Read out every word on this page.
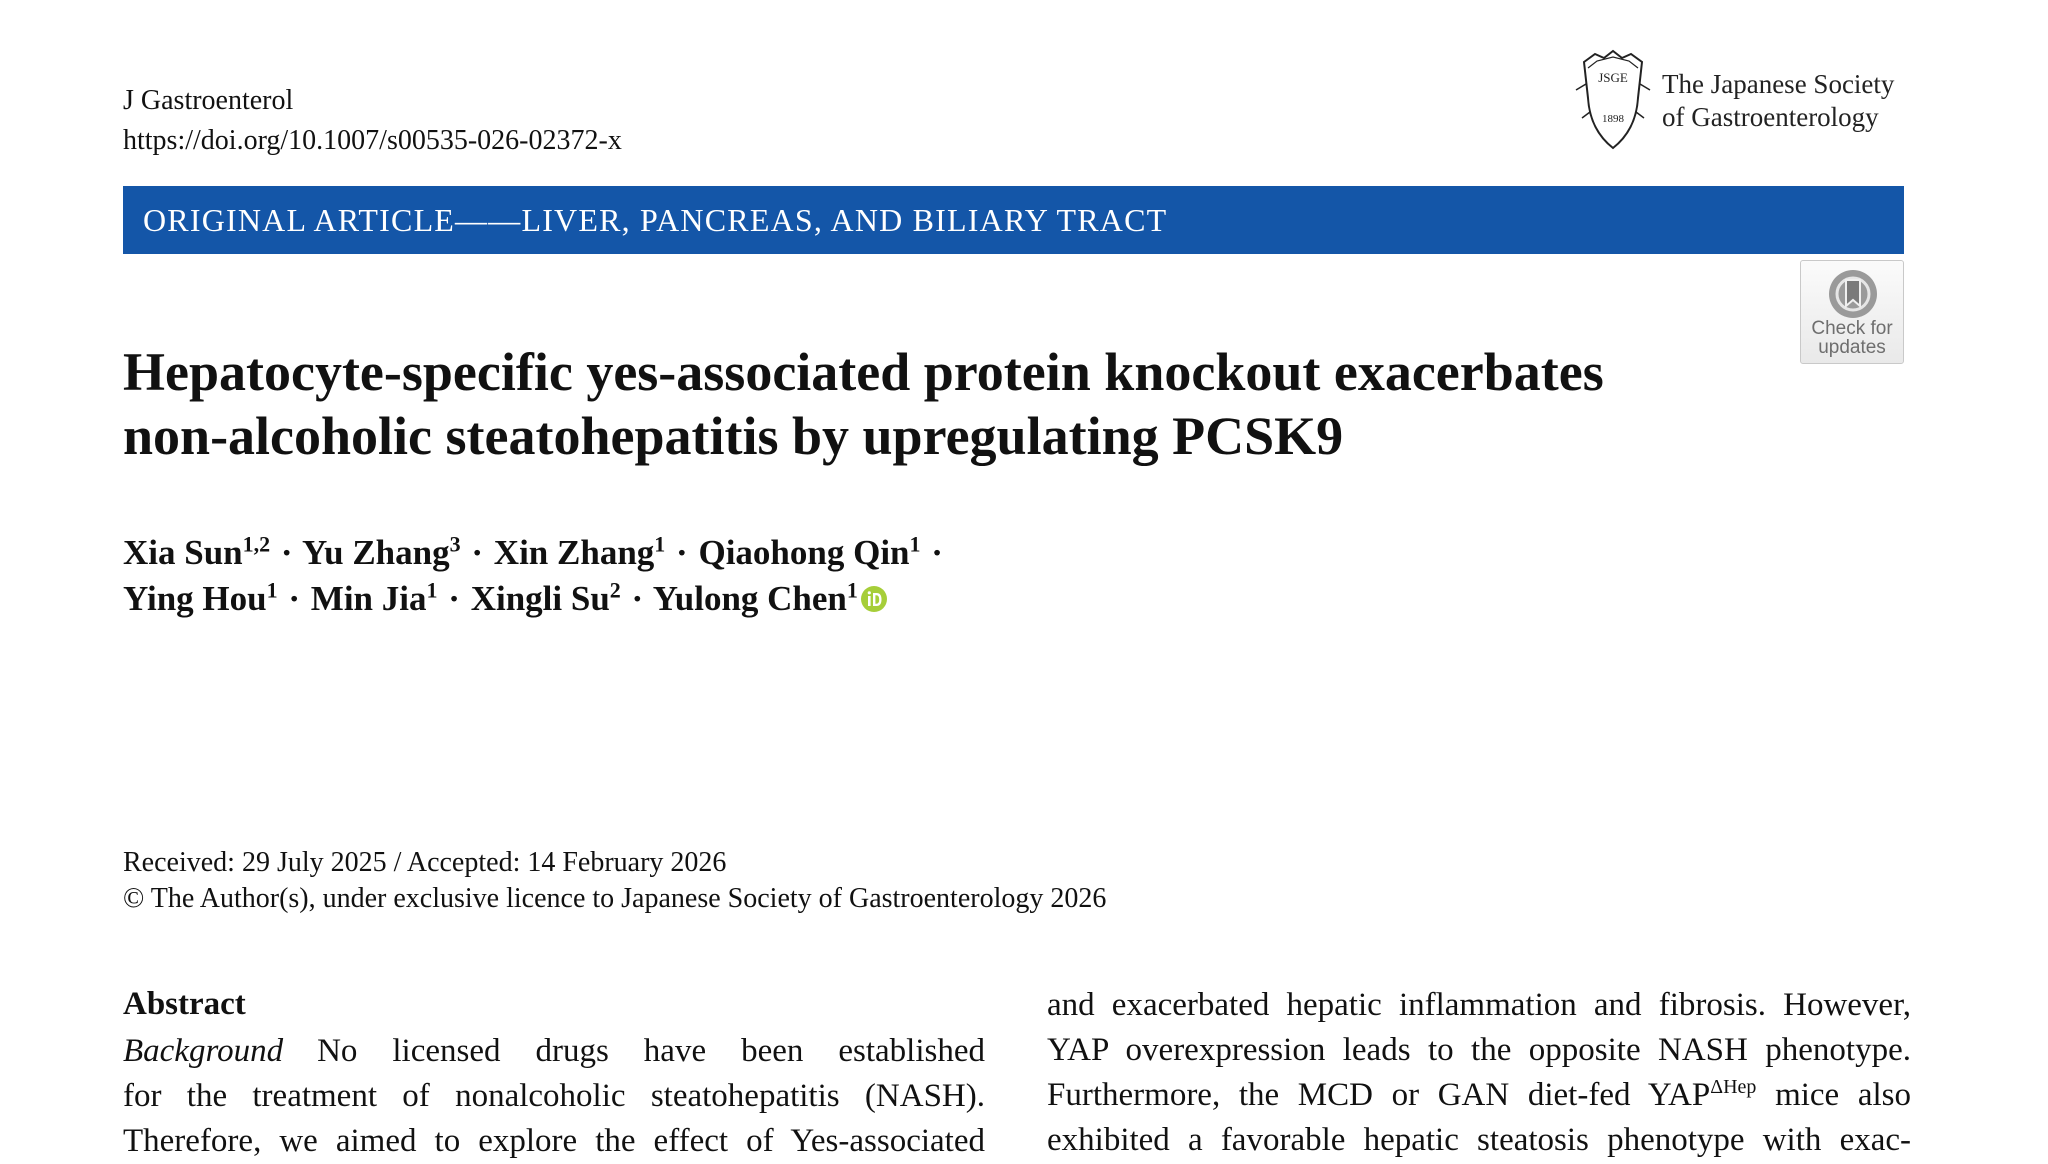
J Gastroenterol
https://doi.org/10.1007/s00535-026-02372-x
JSGE
1898
The Japanese Society
of Gastroenterology
ORIGINAL ARTICLE——LIVER, PANCREAS, AND BILIARY TRACT
Check for
updates
Hepatocyte-specific yes-associated protein knockout exacerbates
non-alcoholic steatohepatitis by upregulating PCSK9
Xia Sun$^{1,2}$ · Yu Zhang$^3$ · Xin Zhang$^1$ · Qiaohong Qin$^1$ ·
Ying Hou$^1$ · Min Jia$^1$ · Xingli $Su^2$ · Yulong Chen$^1$
Received: 29 July 2025 / Accepted: 14 February 2026
© The Author(s), under exclusive licence to Japanese Society of Gastroenterology 2026
Abstract
Background No licensed drugs have been established
for the treatment of nonalcoholic steatohepatitis (NASH).
Therefore, we aimed to explore the effect of Yes-associated
and exacerbated hepatic inflammation and fibrosis. However,
YAP overexpression leads to the opposite NASH phenotype.
Furthermore, the MCD or GAN diet-fed $YAP^{\Delta Hep}$ mice also
exhibited a favorable hepatic steatosis phenotype with exac-
